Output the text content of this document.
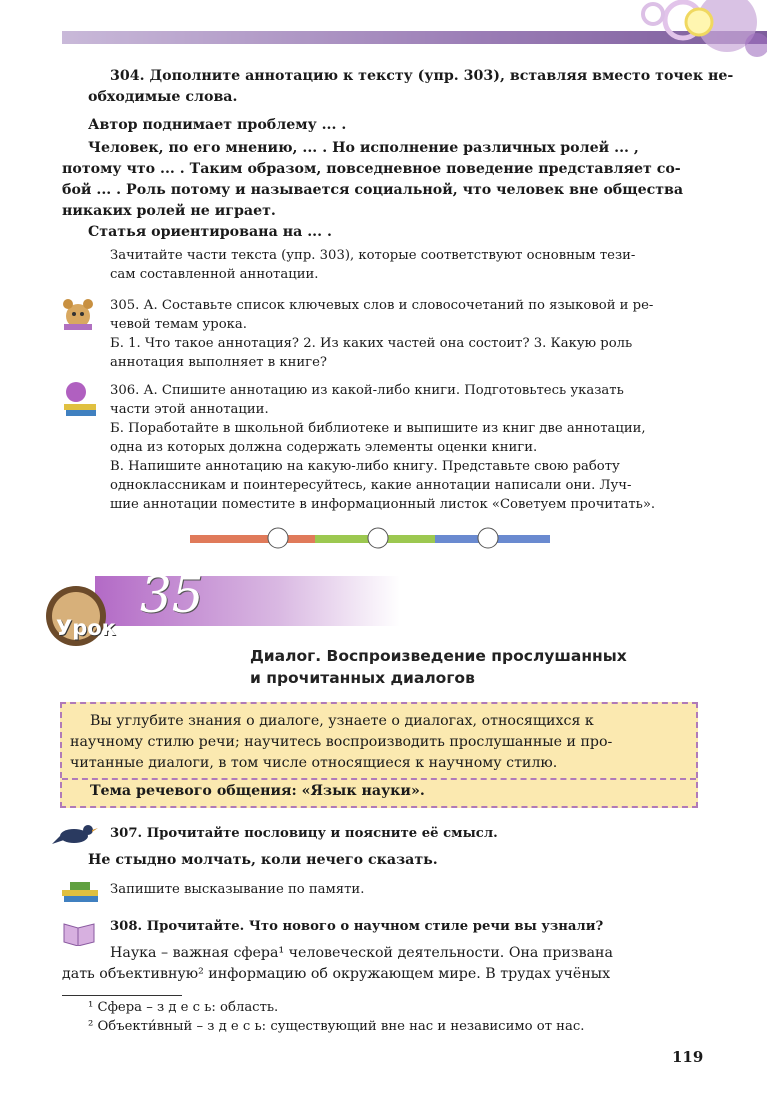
304. Дополните аннотацию к тексту (упр. 303), вставляя вместо точек не-

обходимые слова.

Автор поднимает проблему ... .

Человек, по его мнению, ... . Но исполнение различных ролей ... ,

потому что ... . Таким образом, повседневное поведение представляет со-

бой ... . Роль потому и называется социальной, что человек вне общества

никаких ролей не играет.

Статья ориентирована на ... .

Зачитайте части текста (упр. 303), которые соответствуют основным тези-

сам составленной аннотации.

305. А. Составьте список ключевых слов и словосочетаний по языковой и ре-

чевой темам урока.

Б. 1. Что такое аннотация? 2. Из каких частей она состоит? 3. Какую роль

аннотация выполняет в книге?

306. А. Спишите аннотацию из какой-либо книги. Подготовьтесь указать

части этой аннотации.

Б. Поработайте в школьной библиотеке и выпишите из книг две аннотации,

одна из которых должна содержать элементы оценки книги.

В. Напишите аннотацию на какую-либо книгу. Представьте свою работу

одноклассникам и поинтересуйтесь, какие аннотации написали они. Луч-

шие аннотации поместите в информационный листок «Советуем прочитать».

Урок
35
Диалог. Воспроизведение прослушанных
и прочитанных диалогов

Вы углубите знания о диалоге, узнаете о диалогах, относящихся к

научному стилю речи; научитесь воспроизводить прослушанные и про-

читанные диалоги, в том числе относящиеся к научному стилю.

Тема речевого общения: «Язык науки».

307. Прочитайте пословицу и поясните её смысл.

Не стыдно молчать, коли нечего сказать.

Запишите высказывание по памяти.

308. Прочитайте. Что нового о научном стиле речи вы узнали?

Наука – важная сфера¹ человеческой деятельности. Она призвана

дать объективную² информацию об окружающем мире. В трудах учёных

¹ Сфера – з д е с ь: область.

² Объекти́вный – з д е с ь: существующий вне нас и независимо от нас.

119
